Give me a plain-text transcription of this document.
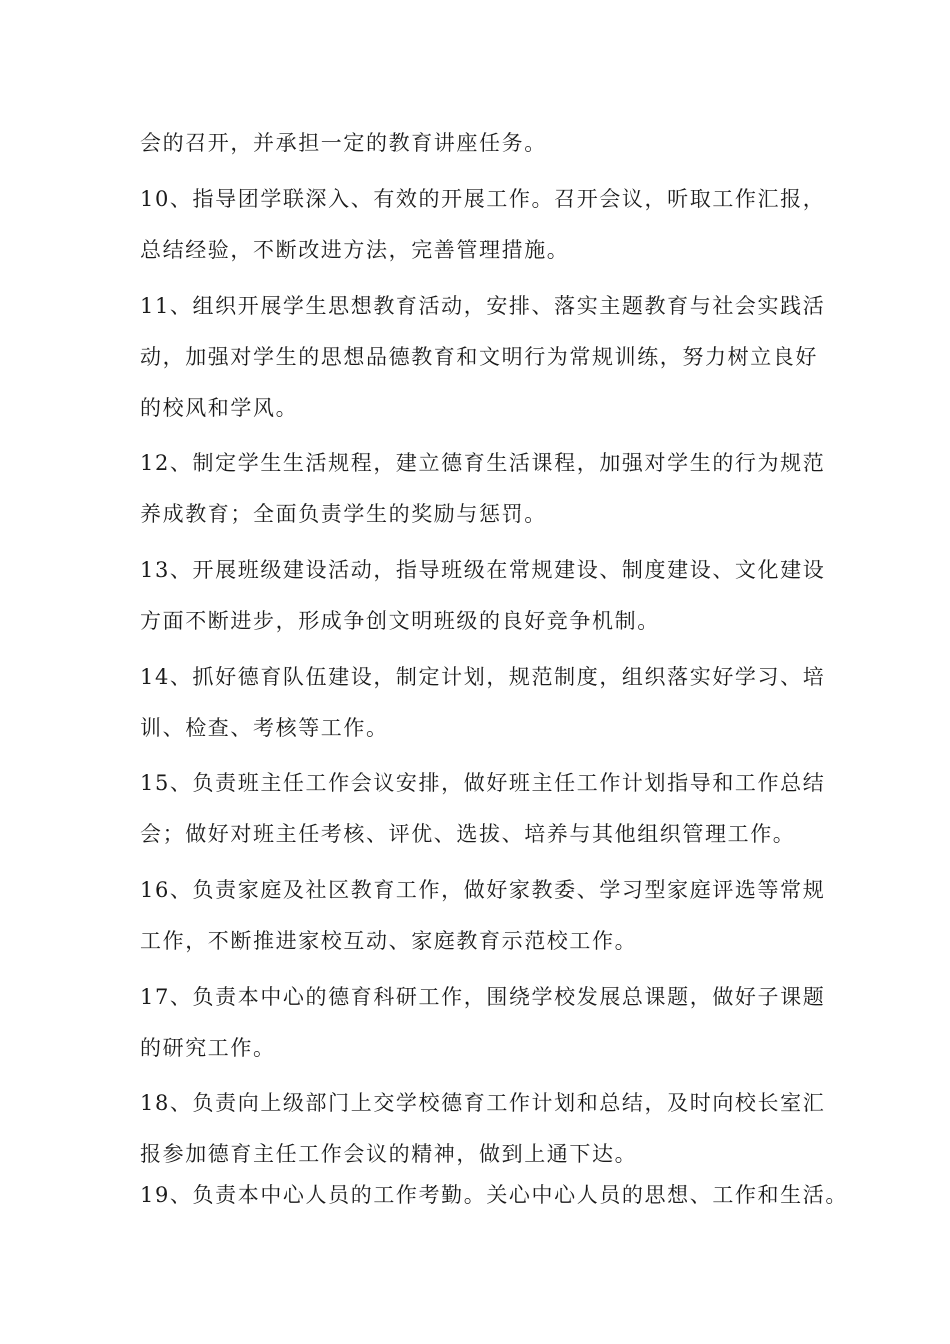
会的召开，并承担一定的教育讲座任务。
10、指导团学联深入、有效的开展工作。召开会议，听取工作汇报，
总结经验，不断改进方法，完善管理措施。
11、组织开展学生思想教育活动，安排、落实主题教育与社会实践活
动，加强对学生的思想品德教育和文明行为常规训练，努力树立良好
的校风和学风。
12、制定学生生活规程，建立德育生活课程，加强对学生的行为规范
养成教育；全面负责学生的奖励与惩罚。
13、开展班级建设活动，指导班级在常规建设、制度建设、文化建设
方面不断进步，形成争创文明班级的良好竞争机制。
14、抓好德育队伍建设，制定计划，规范制度，组织落实好学习、培
训、检查、考核等工作。
15、负责班主任工作会议安排，做好班主任工作计划指导和工作总结
会；做好对班主任考核、评优、选拔、培养与其他组织管理工作。
16、负责家庭及社区教育工作，做好家教委、学习型家庭评选等常规
工作，不断推进家校互动、家庭教育示范校工作。
17、负责本中心的德育科研工作，围绕学校发展总课题，做好子课题
的研究工作。
18、负责向上级部门上交学校德育工作计划和总结，及时向校长室汇
报参加德育主任工作会议的精神，做到上通下达。
19、负责本中心人员的工作考勤。关心中心人员的思想、工作和生活。
